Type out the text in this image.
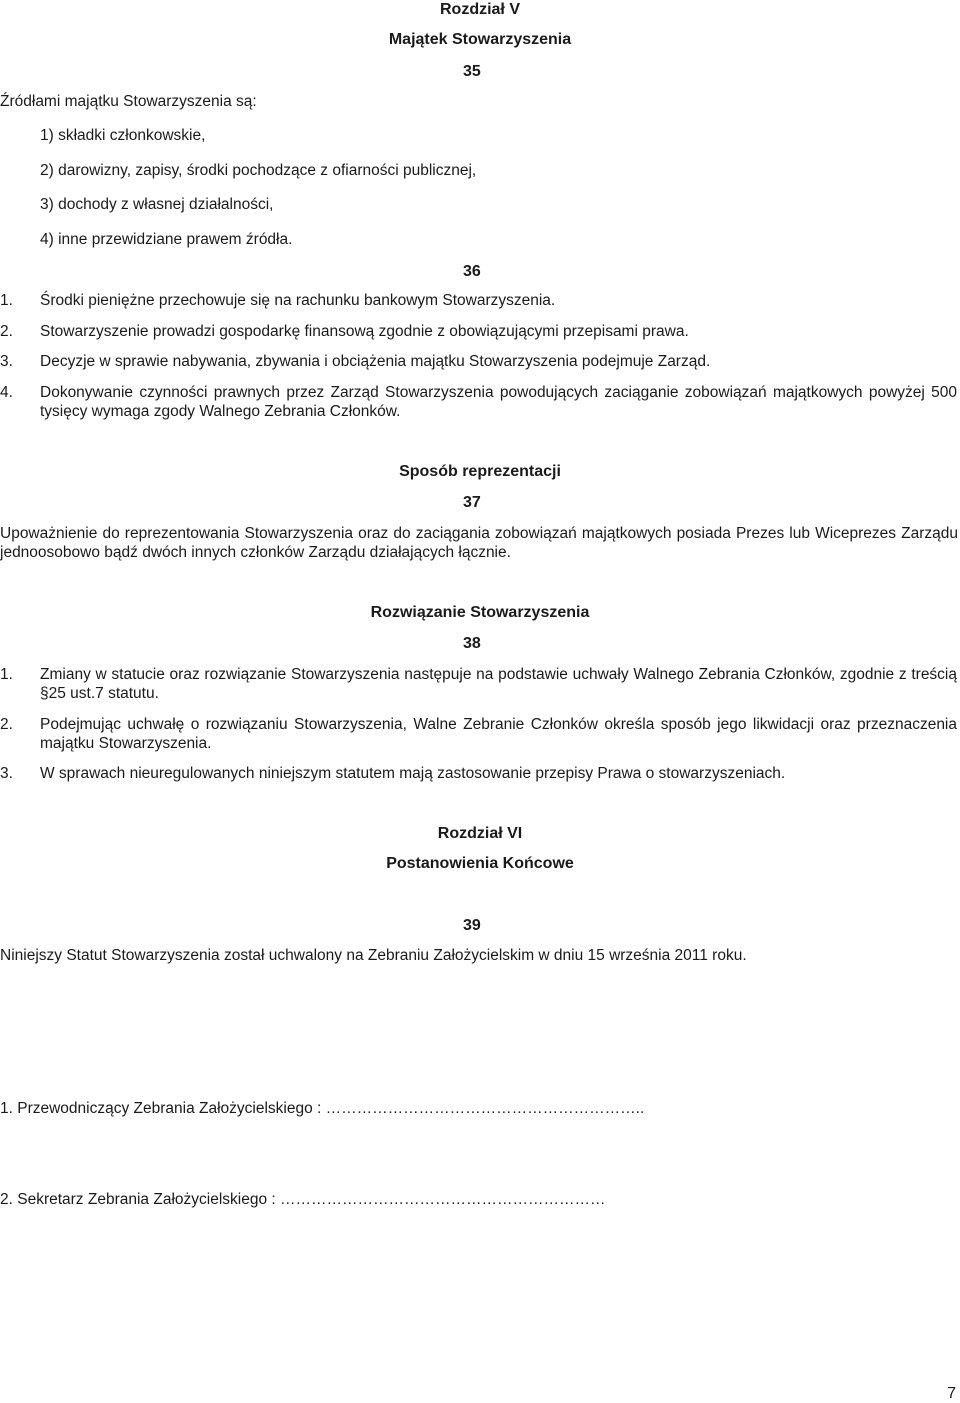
Rozdział V
Majątek Stowarzyszenia
35
Źródłami majątku Stowarzyszenia są:
1) składki członkowskie,
2) darowizny, zapisy, środki pochodzące z ofiarności publicznej,
3) dochody z własnej działalności,
4) inne przewidziane prawem źródła.
36
1. Środki pieniężne przechowuje się na rachunku bankowym Stowarzyszenia.
2. Stowarzyszenie prowadzi gospodarkę finansową zgodnie z obowiązującymi przepisami prawa.
3. Decyzje w sprawie nabywania, zbywania i obciążenia majątku Stowarzyszenia podejmuje Zarząd.
4. Dokonywanie czynności prawnych przez Zarząd Stowarzyszenia powodujących zaciąganie zobowiązań majątkowych powyżej 500 tysięcy wymaga zgody Walnego Zebrania Członków.
Sposób reprezentacji
37
Upoważnienie do reprezentowania Stowarzyszenia oraz do zaciągania zobowiązań majątkowych posiada Prezes lub Wiceprezes Zarządu jednoosobowo bądź dwóch innych członków Zarządu działających łącznie.
Rozwiązanie Stowarzyszenia
38
1. Zmiany w statucie oraz rozwiązanie Stowarzyszenia następuje na podstawie uchwały Walnego Zebrania Członków, zgodnie z treścią §25 ust.7 statutu.
2. Podejmując uchwałę o rozwiązaniu Stowarzyszenia, Walne Zebranie Członków określa sposób jego likwidacji oraz przeznaczenia majątku Stowarzyszenia.
3. W sprawach nieuregulowanych niniejszym statutem mają zastosowanie przepisy Prawa o stowarzyszeniach.
Rozdział VI
Postanowienia Końcowe
39
Niniejszy Statut Stowarzyszenia został uchwalony na Zebraniu Założycielskim w dniu 15 września 2011 roku.
1. Przewodniczący Zebrania Założycielskiego : ……………………………………………………..
2. Sekretarz Zebrania Założycielskiego : ………………………………………………………
7
